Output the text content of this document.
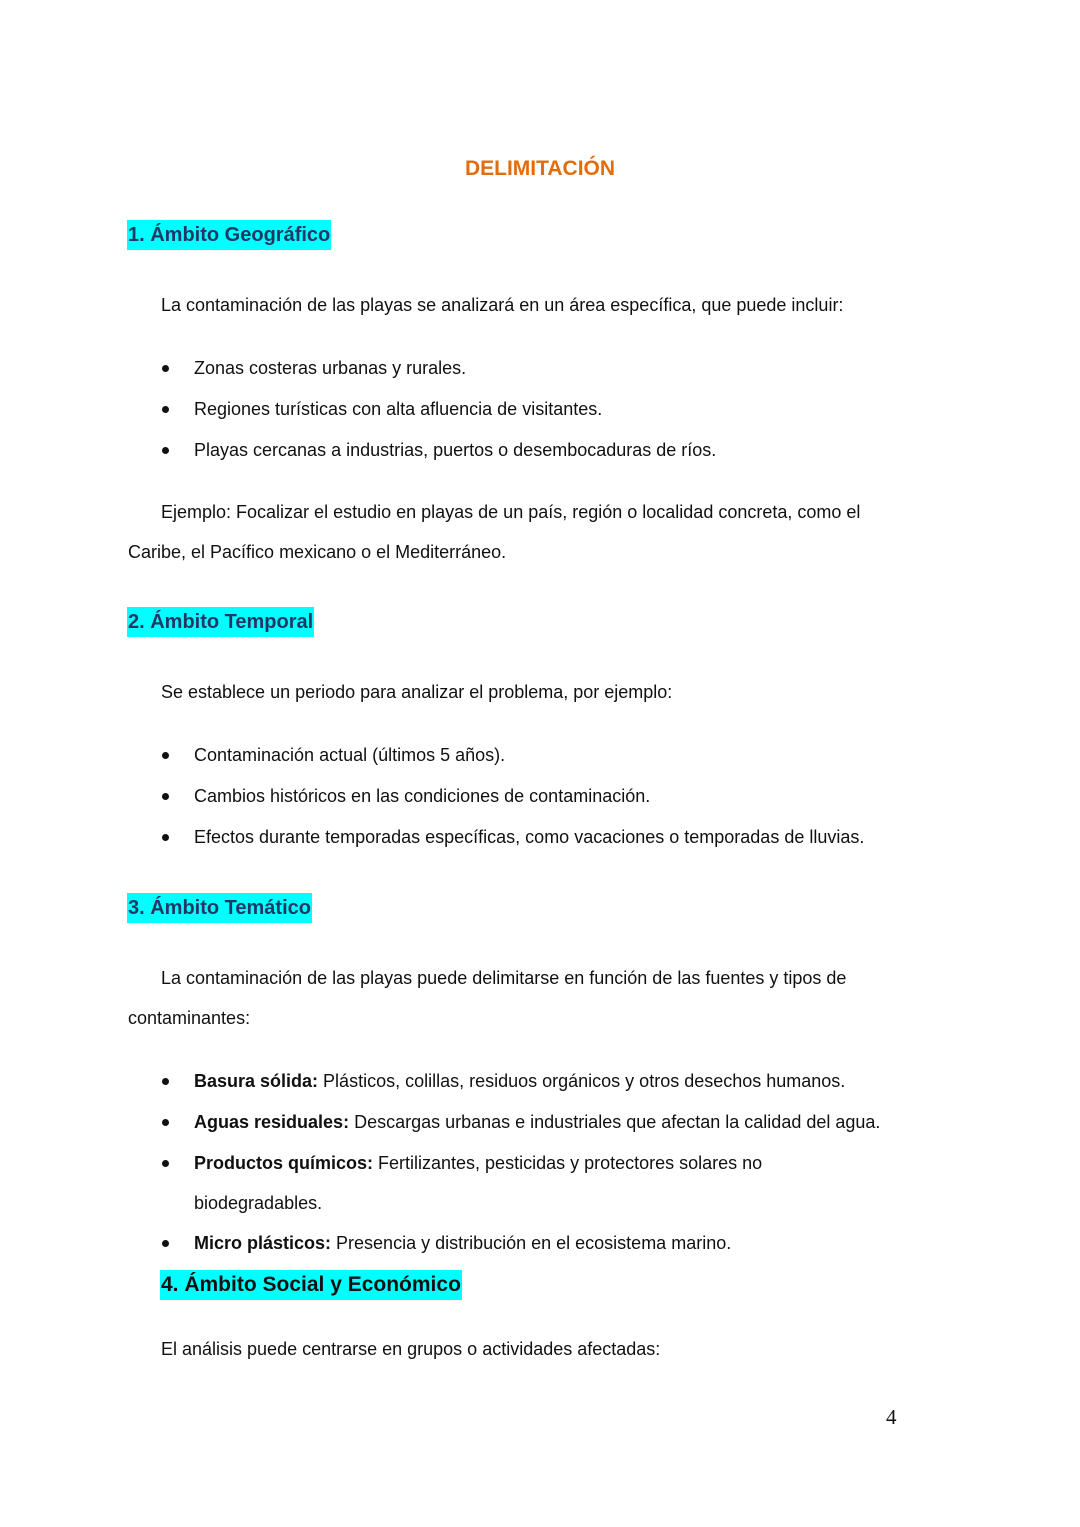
DELIMITACIÓN
1. Ámbito Geográfico
La contaminación de las playas se analizará en un área específica, que puede incluir:
Zonas costeras urbanas y rurales.
Regiones turísticas con alta afluencia de visitantes.
Playas cercanas a industrias, puertos o desembocaduras de ríos.
Ejemplo: Focalizar el estudio en playas de un país, región o localidad concreta, como el
Caribe, el Pacífico mexicano o el Mediterráneo.
2. Ámbito Temporal
Se establece un periodo para analizar el problema, por ejemplo:
Contaminación actual (últimos 5 años).
Cambios históricos en las condiciones de contaminación.
Efectos durante temporadas específicas, como vacaciones o temporadas de lluvias.
3. Ámbito Temático
La contaminación de las playas puede delimitarse en función de las fuentes y tipos de
contaminantes:
Basura sólida: Plásticos, colillas, residuos orgánicos y otros desechos humanos.
Aguas residuales: Descargas urbanas e industriales que afectan la calidad del agua.
Productos químicos: Fertilizantes, pesticidas y protectores solares no
biodegradables.
Micro plásticos: Presencia y distribución en el ecosistema marino.
4. Ámbito Social y Económico
El análisis puede centrarse en grupos o actividades afectadas:
4
